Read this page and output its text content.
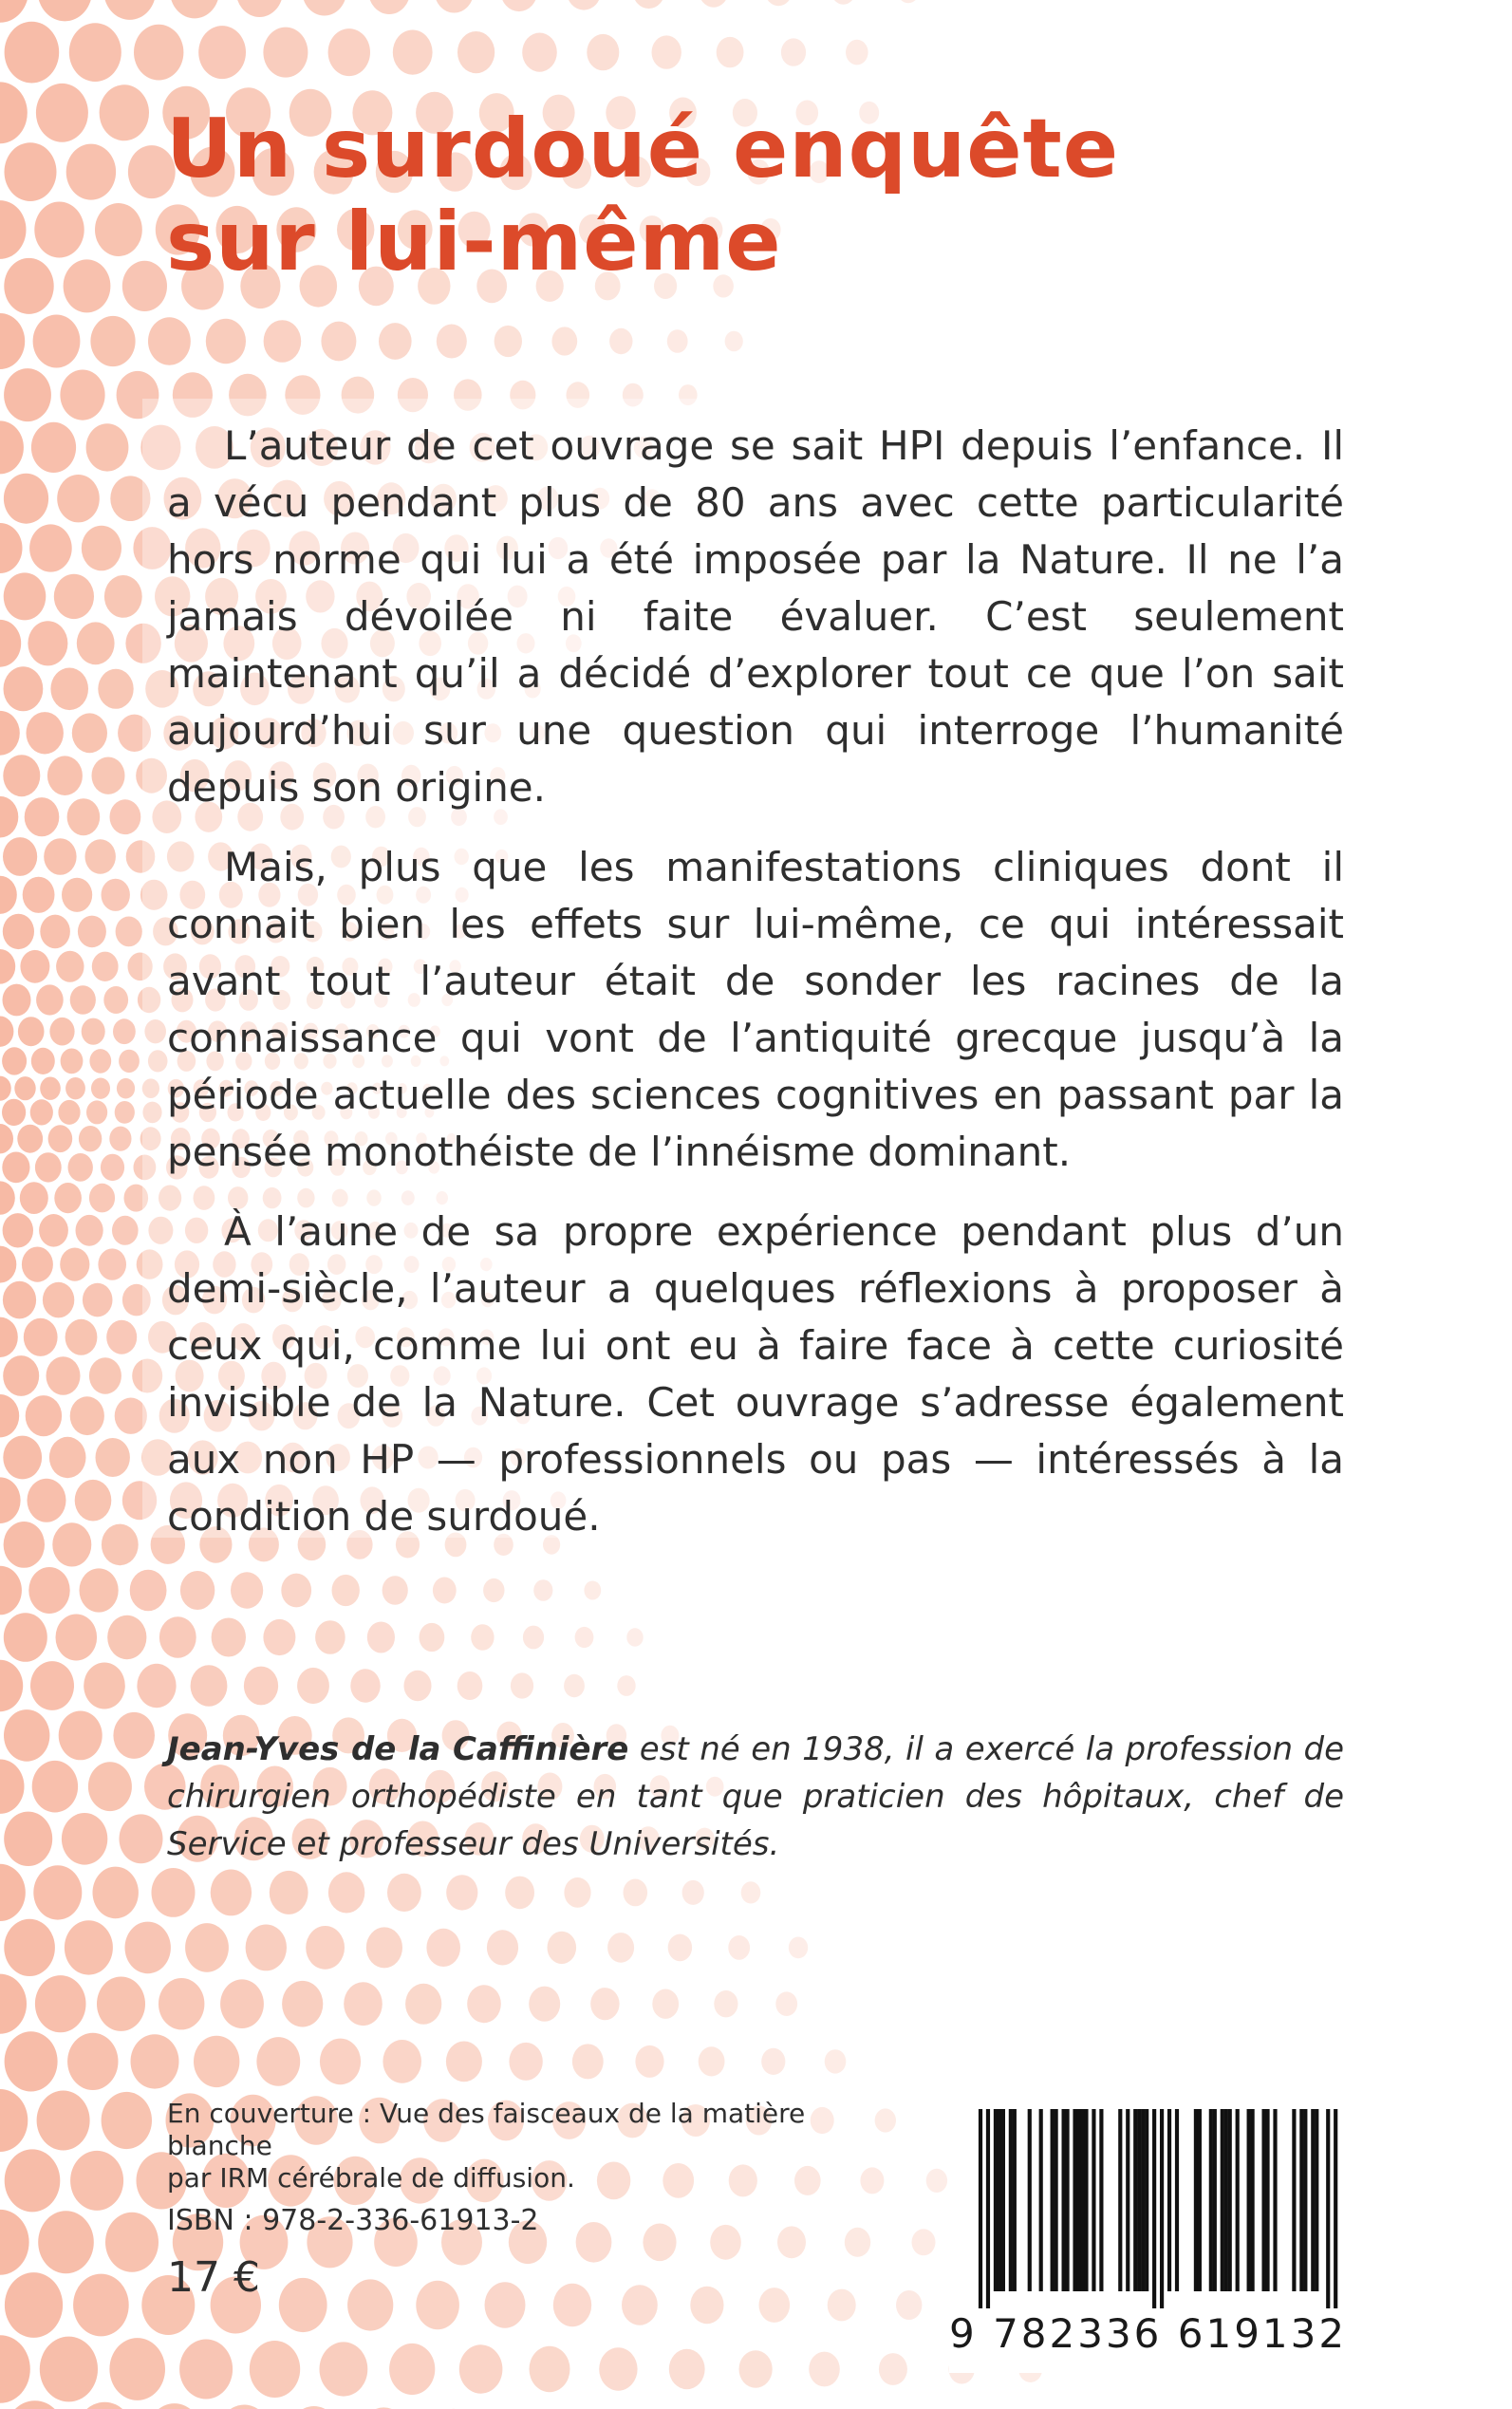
Un surdoué enquête
sur lui-même

L’auteur de cet ouvrage se sait HPI depuis l’enfance. Il a vécu pendant plus de 80 ans avec cette particularité hors norme qui lui a été imposée par la Nature. Il ne l’a jamais dévoilée ni faite évaluer. C’est seulement maintenant qu’il a décidé d’explorer tout ce que l’on sait aujourd’hui sur une question qui interroge l’humanité depuis son origine.

Mais, plus que les manifestations cliniques dont il connait bien les effets sur lui-même, ce qui intéressait avant tout l’auteur était de sonder les racines de la connaissance qui vont de l’antiquité grecque jusqu’à la période actuelle des sciences cognitives en passant par la pensée monothéiste de l’innéisme dominant.

À l’aune de sa propre expérience pendant plus d’un demi-siècle, l’auteur a quelques réflexions à proposer à ceux qui, comme lui ont eu à faire face à cette curiosité invisible de la Nature. Cet ouvrage s’adresse également aux non HP — professionnels ou pas — intéressés à la condition de surdoué.

Jean-Yves de la Caffinière est né en 1938, il a exercé la profession de chirurgien orthopédiste en tant que praticien des hôpitaux, chef de Service et professeur des Universités.

En couverture : Vue des faisceaux de la matière blanche
par IRM cérébrale de diffusion.
ISBN : 978-2-336-61913-2
17 €
9 782336 619132
